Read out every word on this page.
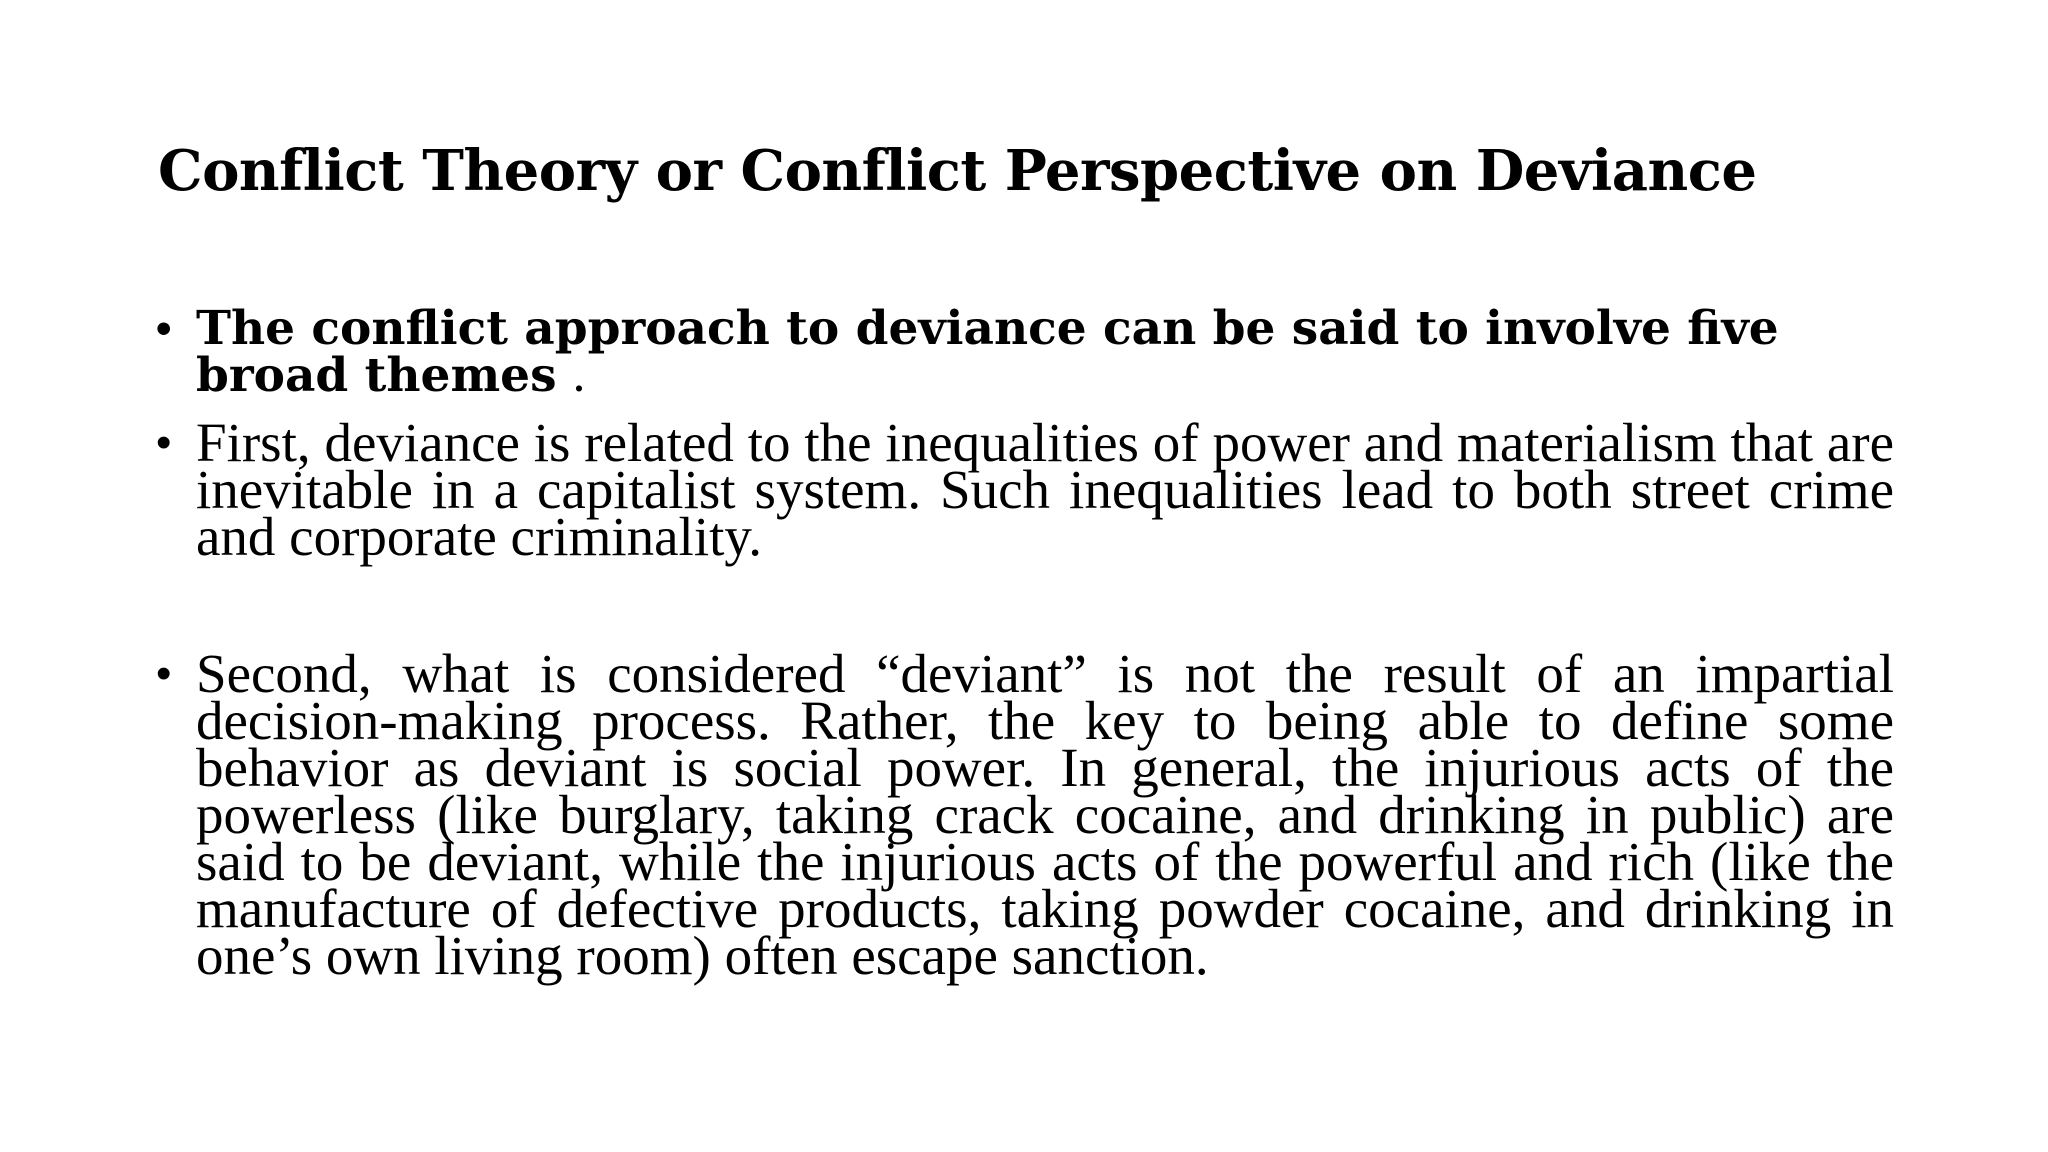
Conflict Theory or Conflict Perspective on Deviance

• The conflict approach to deviance can be said to involve five broad themes .

• First, deviance is related to the inequalities of power and materialism that are inevitable in a capitalist system. Such inequalities lead to both street crime and corporate criminality.

• Second, what is considered “deviant” is not the result of an impartial decision-making process. Rather, the key to being able to define some behavior as deviant is social power. In general, the injurious acts of the powerless (like burglary, taking crack cocaine, and drinking in public) are said to be deviant, while the injurious acts of the powerful and rich (like the manufacture of defective products, taking powder cocaine, and drinking in one’s own living room) often escape sanction.
